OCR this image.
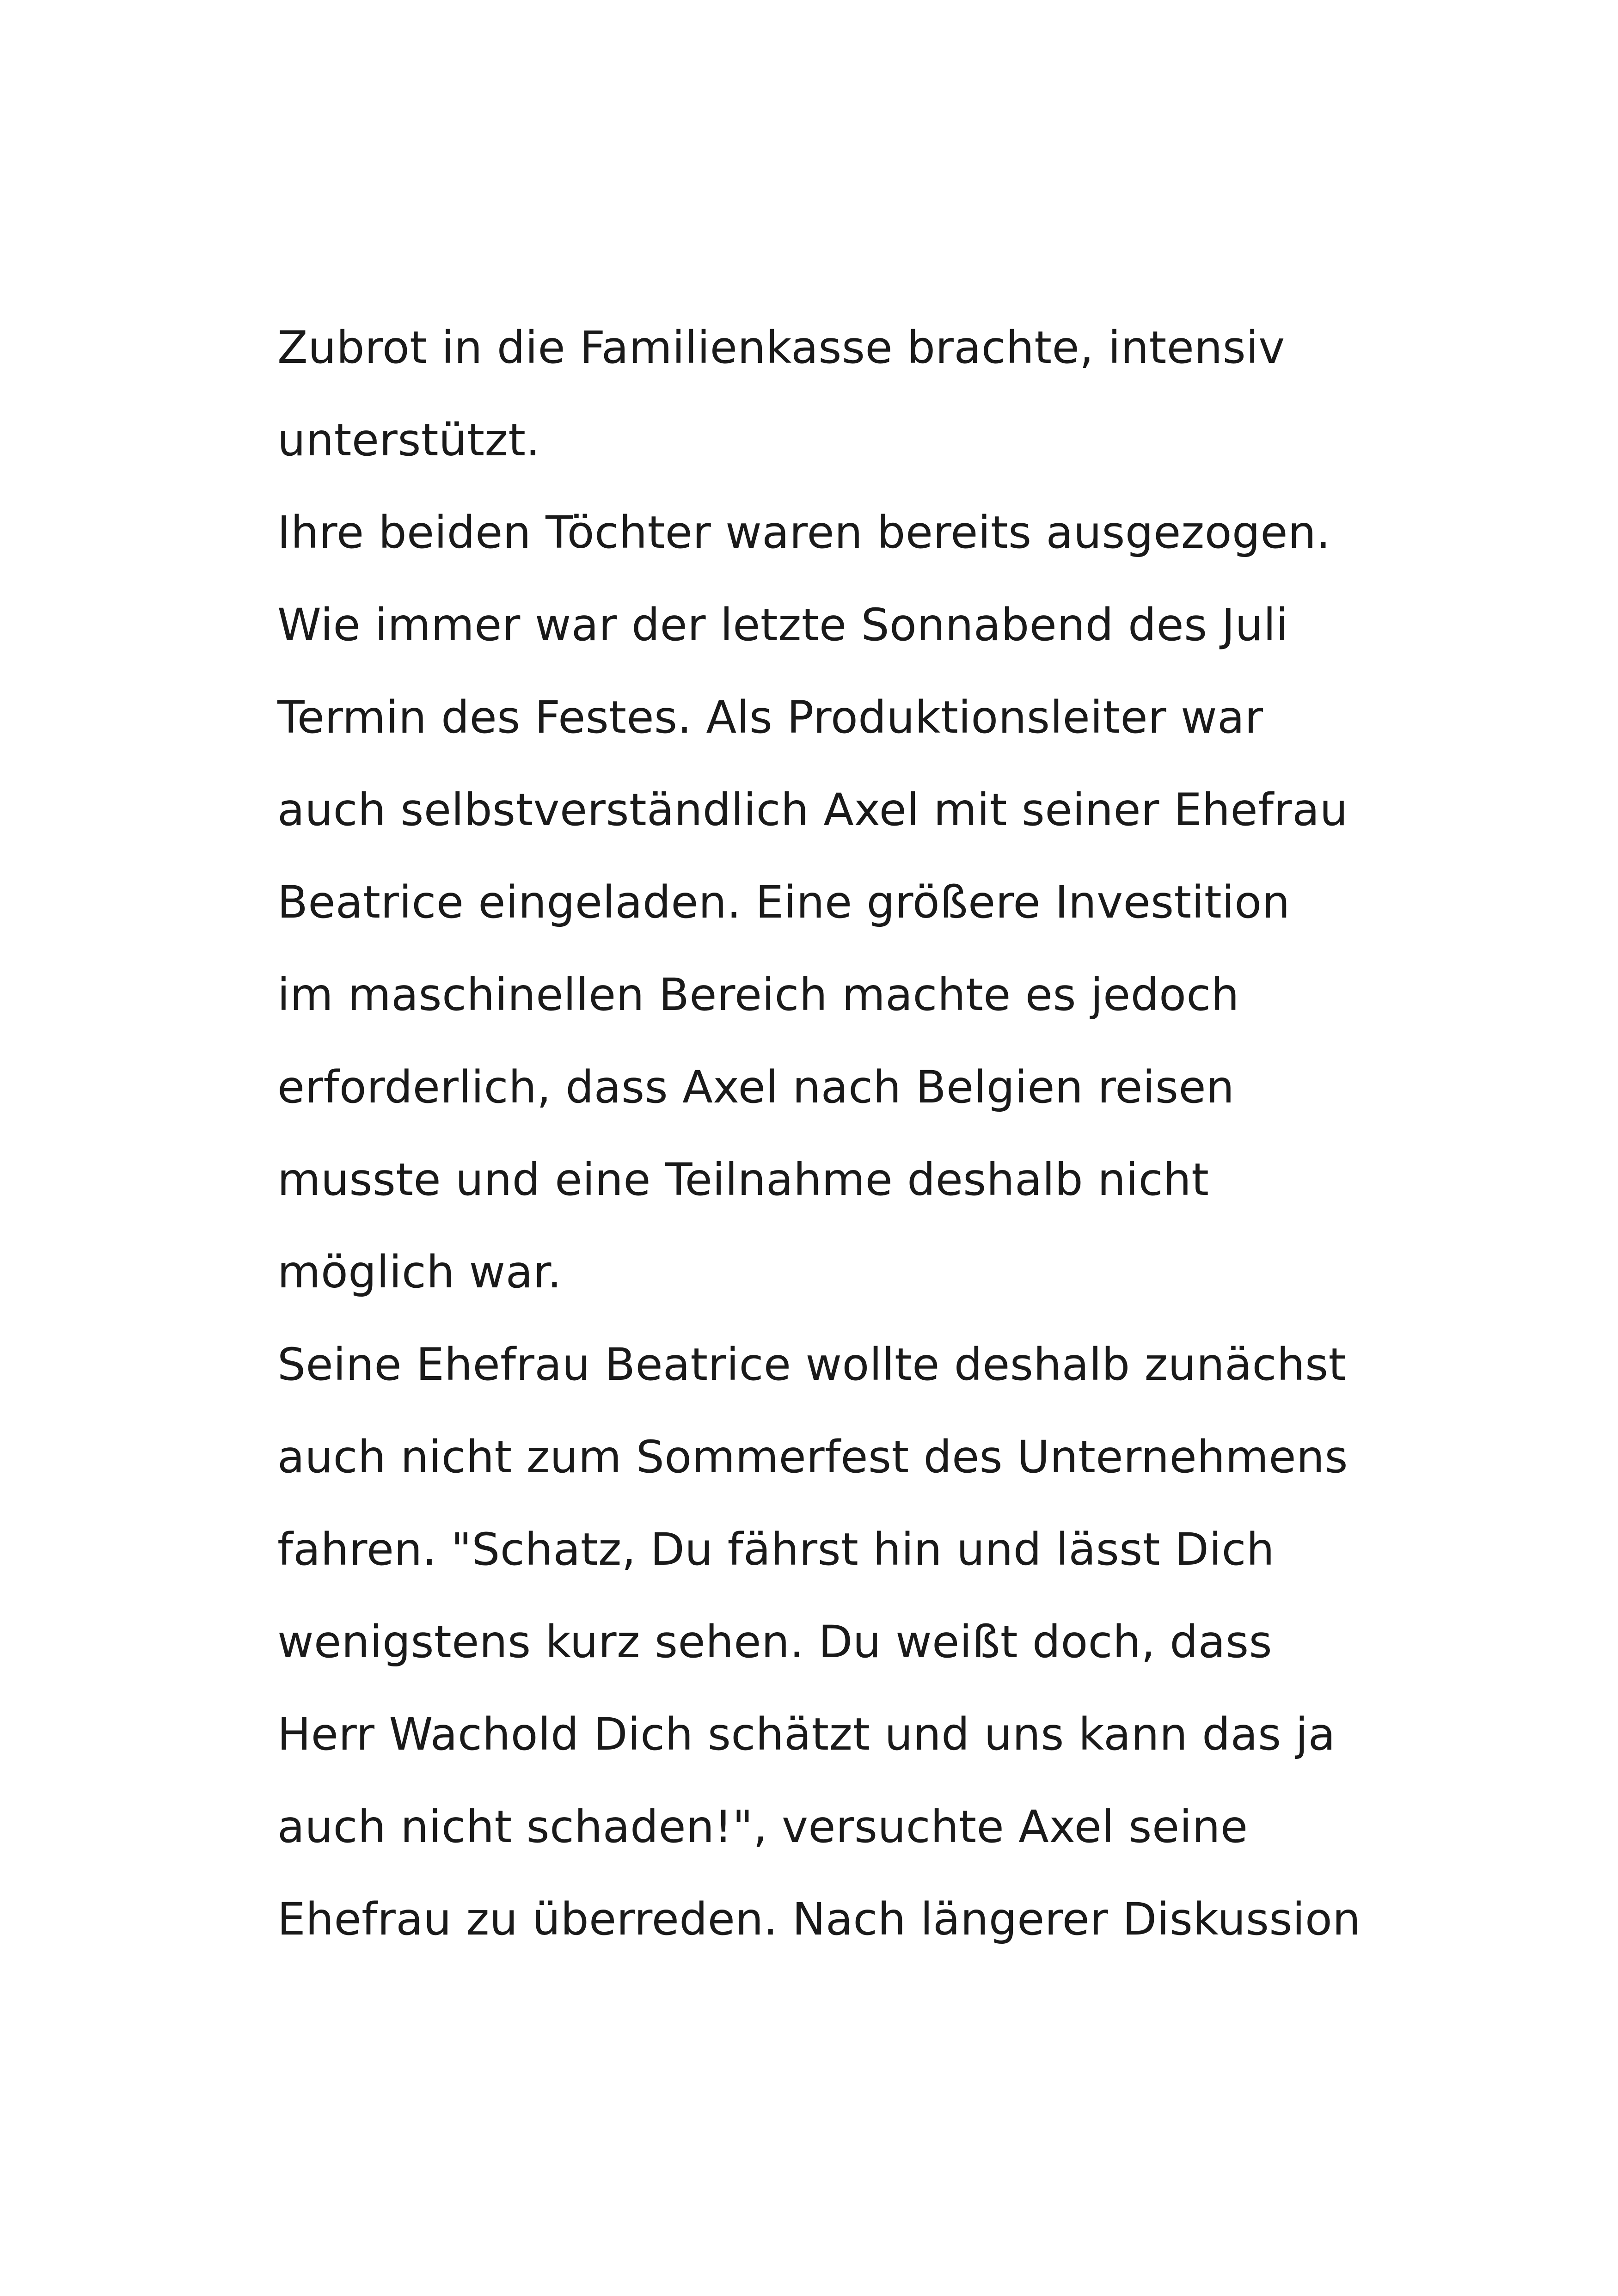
Zubrot in die Familienkasse brachte, intensiv
unterstützt.
Ihre beiden Töchter waren bereits ausgezogen.
Wie immer war der letzte Sonnabend des Juli
Termin des Festes. Als Produktionsleiter war
auch selbstverständlich Axel mit seiner Ehefrau
Beatrice eingeladen. Eine größere Investition
im maschinellen Bereich machte es jedoch
erforderlich, dass Axel nach Belgien reisen
musste und eine Teilnahme deshalb nicht
möglich war.
Seine Ehefrau Beatrice wollte deshalb zunächst
auch nicht zum Sommerfest des Unternehmens
fahren. "Schatz, Du fährst hin und lässt Dich
wenigstens kurz sehen. Du weißt doch, dass
Herr Wachold Dich schätzt und uns kann das ja
auch nicht schaden!", versuchte Axel seine
Ehefrau zu überreden. Nach längerer Diskussion
